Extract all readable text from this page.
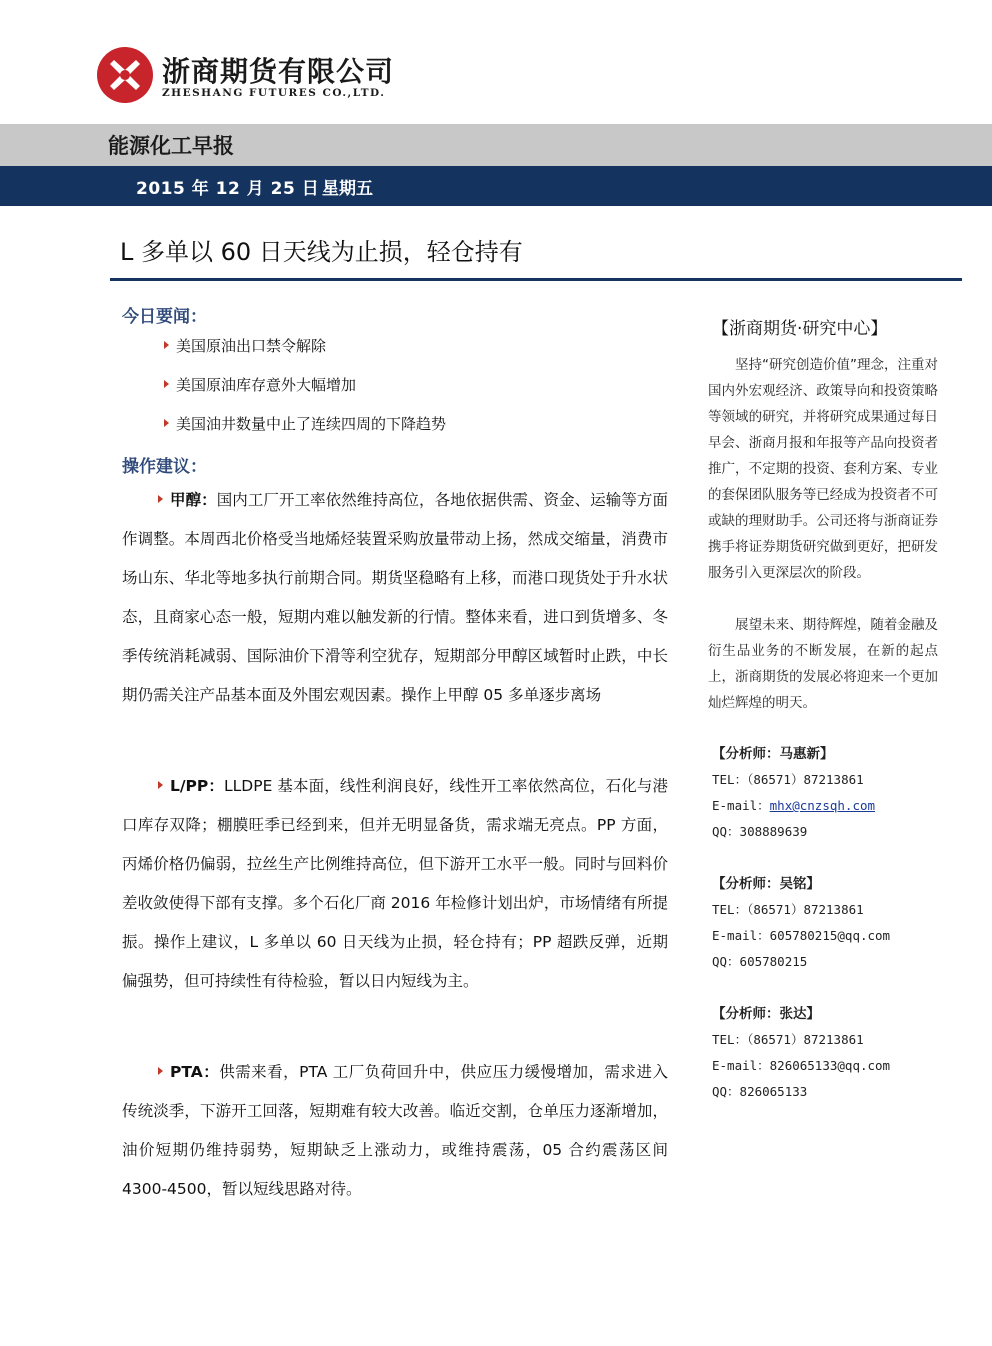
浙商期货有限公司
ZHESHANG FUTURES CO.,LTD.
能源化工早报
2015 年 12 月 25 日 星期五
L 多单以 60 日天线为止损，轻仓持有
今日要闻：
美国原油出口禁令解除
美国原油库存意外大幅增加
美国油井数量中止了连续四周的下降趋势
操作建议：
甲醇：国内工厂开工率依然维持高位，各地依据供需、资金、运输等方面作调整。本周西北价格受当地烯烃装置采购放量带动上扬，然成交缩量，消费市场山东、华北等地多执行前期合同。期货坚稳略有上移，而港口现货处于升水状态，且商家心态一般，短期内难以触发新的行情。整体来看，进口到货增多、冬季传统消耗减弱、国际油价下滑等利空犹存，短期部分甲醇区域暂时止跌，中长期仍需关注产品基本面及外围宏观因素。操作上甲醇 05 多单逐步离场
L/PP：LLDPE 基本面，线性利润良好，线性开工率依然高位，石化与港口库存双降；棚膜旺季已经到来，但并无明显备货，需求端无亮点。PP 方面，丙烯价格仍偏弱，拉丝生产比例维持高位，但下游开工水平一般。同时与回料价差收敛使得下部有支撑。多个石化厂商 2016 年检修计划出炉，市场情绪有所提振。操作上建议，L 多单以 60 日天线为止损，轻仓持有；PP 超跌反弹，近期偏强势，但可持续性有待检验，暂以日内短线为主。
PTA：供需来看，PTA 工厂负荷回升中，供应压力缓慢增加，需求进入传统淡季，下游开工回落，短期难有较大改善。临近交割，仓单压力逐渐增加，油价短期仍维持弱势，短期缺乏上涨动力，或维持震荡，05 合约震荡区间 4300-4500，暂以短线思路对待。
【浙商期货·研究中心】
坚持“研究创造价值”理念，注重对国内外宏观经济、政策导向和投资策略等领域的研究，并将研究成果通过每日早会、浙商月报和年报等产品向投资者推广，不定期的投资、套利方案、专业的套保团队服务等已经成为投资者不可或缺的理财助手。公司还将与浙商证券携手将证券期货研究做到更好，把研发服务引入更深层次的阶段。
展望未来、期待辉煌，随着金融及衍生品业务的不断发展，在新的起点上，浙商期货的发展必将迎来一个更加灿烂辉煌的明天。
【分析师：马惠新】
TEL：（86571）87213861
E-mail：mhx@cnzsqh.com
QQ：308889639
【分析师：吴铭】
TEL：（86571）87213861
E-mail：605780215@qq.com
QQ：605780215
【分析师：张达】
TEL：（86571）87213861
E-mail：826065133@qq.com
QQ：826065133
